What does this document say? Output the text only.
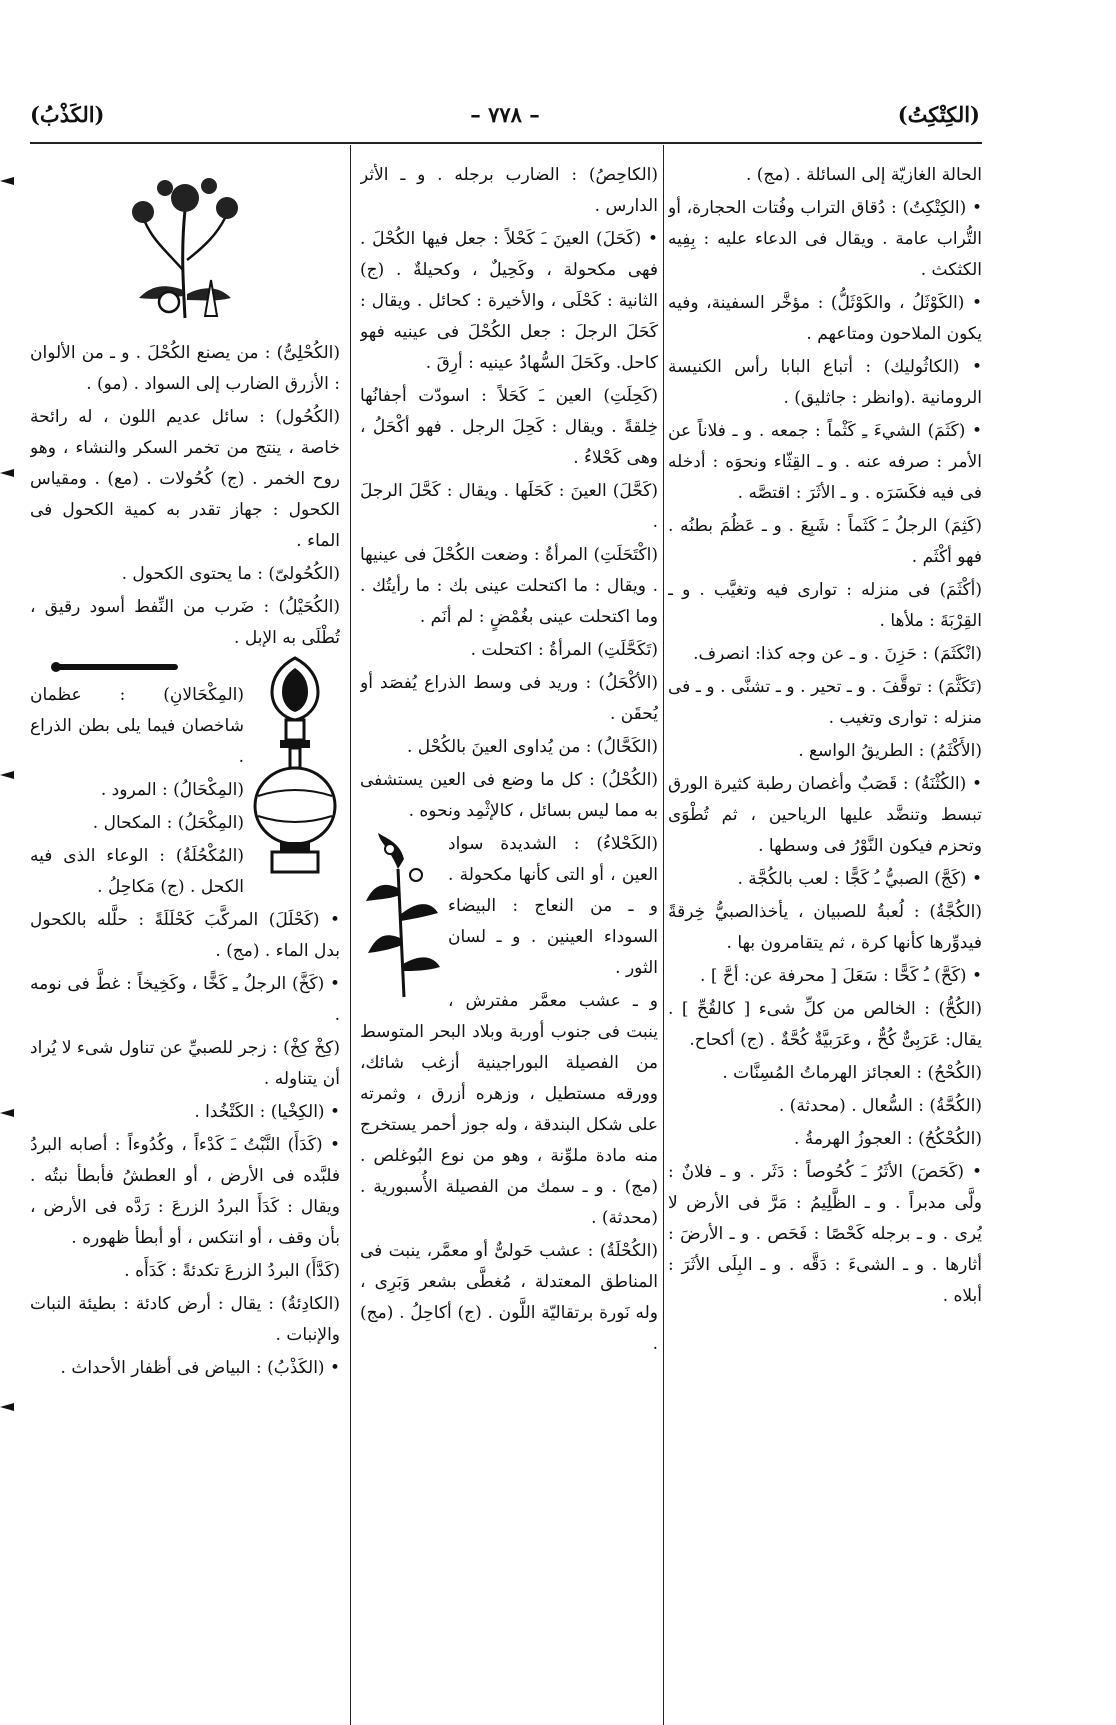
(الكِتْكِتُ)
– ٧٧٨ –
(الكَذْبُ)

الحالة الغازيّة إلى السائلة . (مج) .

• (الكِتْكِتُ) : دُقاق التراب وفُتات الحجارة، أو التُّراب عامة . ويقال فى الدعاء عليه : بِفِيه الكثكث .

• (الكَوْثَلُ ، والكَوْثَلُّ) : مؤخَّر السفينة، وفيه يكون الملاحون ومتاعهم .

• (الكاثُوليك) : أتباع البابا رأس الكنيسة الرومانية .(وانظر : جاثليق) .

• (كَثَمَ) الشيءَ ـِ كَثْماً : جمعه . و ـ فلاناً عن الأمر : صرفه عنه . و ـ القِثّاء ونحوَه : أدخله فى فيه فكَسَرَه . و ـ الأثَرَ : اقتصَّه .

(كَثِمَ) الرجلُ ـَ كَثَماً : شَبِعَ . و ـ عَظُمَ بطنُه . فهو أكْثَم .

(أكْثَمَ) فى منزله : توارى فيه وتغيَّب . و ـ القِرْبَةَ : ملأها .

(انْكَثَمَ) : حَزِنَ . و ـ عن وجه كذا: انصرف.

(تَكَثَّمَ) : توقَّفَ . و ـ تحير . و ـ تشنَّى . و ـ فى منزله : توارى وتغيب .

(الأَكْثَمُ) : الطريقُ الواسع .

• (الكُثْنَةُ) : قَصَبٌ وأغصان رطبة كثيرة الورق تبسط وتنضَّد عليها الرياحين ، ثم تُطْوَى وتحزم فيكون النَّوْرُ فى وسطها .

• (كَجَّ) الصبيُّ ـُ كَجًّا : لعب بالكُجَّة .

(الكُجَّةُ) : لُعبةُ للصبيان ، يأخذالصبيُّ خِرقةً فيدوِّرها كأنها كرة ، ثم يتقامرون بها .

• (كَحَّ) ـُ كَحًّا : سَعَلَ [ محرفة عن: أحَّ ] .

(الكُحُّ) : الخالص من كلِّ شىء [ كالقُحِّ ] . يقال: عَرَبِىٌّ كُحٌّ ، وعَرَبيَّةٌ كُحَّةٌ . (ج) أكحاح.

(الكُحْحُ) : العجائز الهرماتُ المُسِنَّات .

(الكُحَّةُ) : السُّعال . (محدثة) .

(الكُحْكُحُ) : العجوزُ الهرمةُ .

• (كَحَصَ) الأثَرُ ـَ كُحُوصاً : دَثَر . و ـ فلانٌ : ولَّى مدبراً . و ـ الظَّلِيمُ : مَرَّ فى الأرض لا يُرى . و ـ برجله كَحْصًا : فَحَص . و ـ الأرضَ : أثارها . و ـ الشىءَ : دَقَّه . و ـ البِلَى الأثَرَ : أبلاه .

(الكاحِصُ) : الضارب برجله . و ـ الأثر الدارس .

• (كَحَلَ) العينَ ـَ كَحْلاً : جعل فيها الكُحْلَ . فهى مكحولة ، وكَحِيلٌ ، وكحيلةٌ . (ج) الثانية : كَحْلَى ، والأخيرة : كحائل . ويقال : كَحَلَ الرجلَ : جعل الكُحْلَ فى عينيه فهو كاحل. وكَحَلَ السُّهادُ عينيه : أرِقَ .

(كَحِلَتِ) العين ـَ كَحَلاً : اسودّت أجفانُها خِلقةً . ويقال : كَحِلَ الرجل . فهو أكْحَلُ ، وهى كَحْلاءُ .

(كَحَّلَ) العينَ : كَحَلَها . ويقال : كَحَّلَ الرجلَ .

(اكْتَحَلَتِ) المرأةُ : وضعت الكُحْلَ فى عينيها . ويقال : ما اكتحلت عينى بك : ما رأيتُك . وما اكتحلت عينى بغُمْضٍ : لم أنَم .

(تَكَحَّلَتِ) المرأةُ : اكتحلت .

(الأكْحَلُ) : وريد فى وسط الذراع يُفصَد أو يُحقَن .

(الكَحَّالُ) : من يُداوى العينَ بالكُحْل .

(الكُحْلُ) : كل ما وضع فى العين يستشفى به مما ليس بسائل ، كالإثْمِد ونحوه .

(الكَحْلاءُ) : الشديدة سواد العين ، أو التى كأنها مكحولة . و ـ من النعاج : البيضاء السوداء العينين . و ـ لسان الثور .

و ـ عشب معمَّر مفترش ، ينبت فى جنوب أوربة وبلاد البحر المتوسط من الفصيلة البوراجينية أزغب شائك، وورقه مستطيل ، وزهره أزرق ، وثمرته على شكل البندقة ، وله جوز أحمر يستخرج منه مادة ملوِّنة ، وهو من نوع البُوغلص . (مج) . و ـ سمك من الفصيلة الأُسبورية . (محدثة) .

(الكُحْلَةُ) : عشب حَولىٌّ أو معمَّر، ينبت فى المناطق المعتدلة ، مُغطَّى بشعر وَبَرِى ، وله نَورة برتقاليّة اللَّون . (ج) أكاحِلُ . (مج) .

(الكُحْلِىُّ) : من يصنع الكُحْلَ . و ـ من الألوان : الأزرق الضارب إلى السواد . (مو) .

(الكُحُول) : سائل عديم اللون ، له رائحة خاصة ، ينتج من تخمر السكر والنشاء ، وهو روح الخمر . (ج) كُحُولات . (مع) . ومقياس الكحول : جهاز تقدر به كمية الكحول فى الماء .

(الكُحُولىّ) : ما يحتوى الكحول .

(الكُحَيْلُ) : ضَرب من النِّفط أسود رقيق ، تُطْلَى به الإبل .

(المِكْحَالانِ) : عظمان شاخصان فيما يلى بطن الذراع .

(المِكْحَالُ) : المرود .

(المِكْحَلُ) : المكحال .

(المُكْحُلَةُ) : الوعاء الذى فيه الكحل . (ج) مَكاحِلُ .

• (كَحْلَلَ) المركَّبَ كَحْلَلَةً : حلَّله بالكحول بدل الماء . (مج) .

• (كَخَّ) الرجلُ ـِ كَخًّا ، وكَخِيخاً : غطَّ فى نومه .

(كِخْ كِخْ) : زجر للصبيِّ عن تناول شىء لا يُراد أن يتناوله .

• (الكِخْيا) : الكَتْخُدا .

• (كَدَأَ) النَّبْتُ ـَ كَدْءاً ، وكُدُوءاً : أصابه البردُ فلبَّده فى الأرض ، أو العطشُ فأبطأ نبتُه . ويقال : كَدَأَ البردُ الزرعَ : رَدَّه فى الأرض ، بأن وقف ، أو انتكس ، أو أبطأ ظهوره .

(كَدَّأَ) البردُ الزرعَ تكدئةً : كَدَأَه .

(الكادِئةُ) : يقال : أرض كادئة : بطيئة النبات والإنبات .

• (الكَذْبُ) : البياض فى أظفار الأحداث .
